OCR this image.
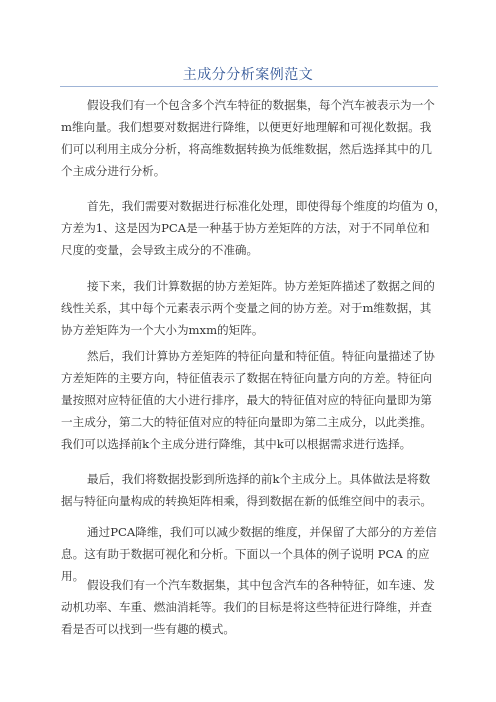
主成分分析案例范文

假设我们有一个包含多个汽车特征的数据集，每个汽车被表示为一个
m维向量。我们想要对数据进行降维，以便更好地理解和可视化数据。我
们可以利用主成分分析，将高维数据转换为低维数据，然后选择其中的几
个主成分进行分析。

首先，我们需要对数据进行标准化处理，即使得每个维度的均值为 0，
方差为1、这是因为PCA是一种基于协方差矩阵的方法，对于不同单位和
尺度的变量，会导致主成分的不准确。

接下来，我们计算数据的协方差矩阵。协方差矩阵描述了数据之间的
线性关系，其中每个元素表示两个变量之间的协方差。对于m维数据，其
协方差矩阵为一个大小为mxm的矩阵。

然后，我们计算协方差矩阵的特征向量和特征值。特征向量描述了协
方差矩阵的主要方向，特征值表示了数据在特征向量方向的方差。特征向
量按照对应特征值的大小进行排序，最大的特征值对应的特征向量即为第
一主成分，第二大的特征值对应的特征向量即为第二主成分，以此类推。
我们可以选择前k个主成分进行降维，其中k可以根据需求进行选择。

最后，我们将数据投影到所选择的前k个主成分上。具体做法是将数
据与特征向量构成的转换矩阵相乘，得到数据在新的低维空间中的表示。

通过PCA降维，我们可以减少数据的维度，并保留了大部分的方差信
息。这有助于数据可视化和分析。下面以一个具体的例子说明 PCA 的应用。

假设我们有一个汽车数据集，其中包含汽车的各种特征，如车速、发
动机功率、车重、燃油消耗等。我们的目标是将这些特征进行降维，并查
看是否可以找到一些有趣的模式。
